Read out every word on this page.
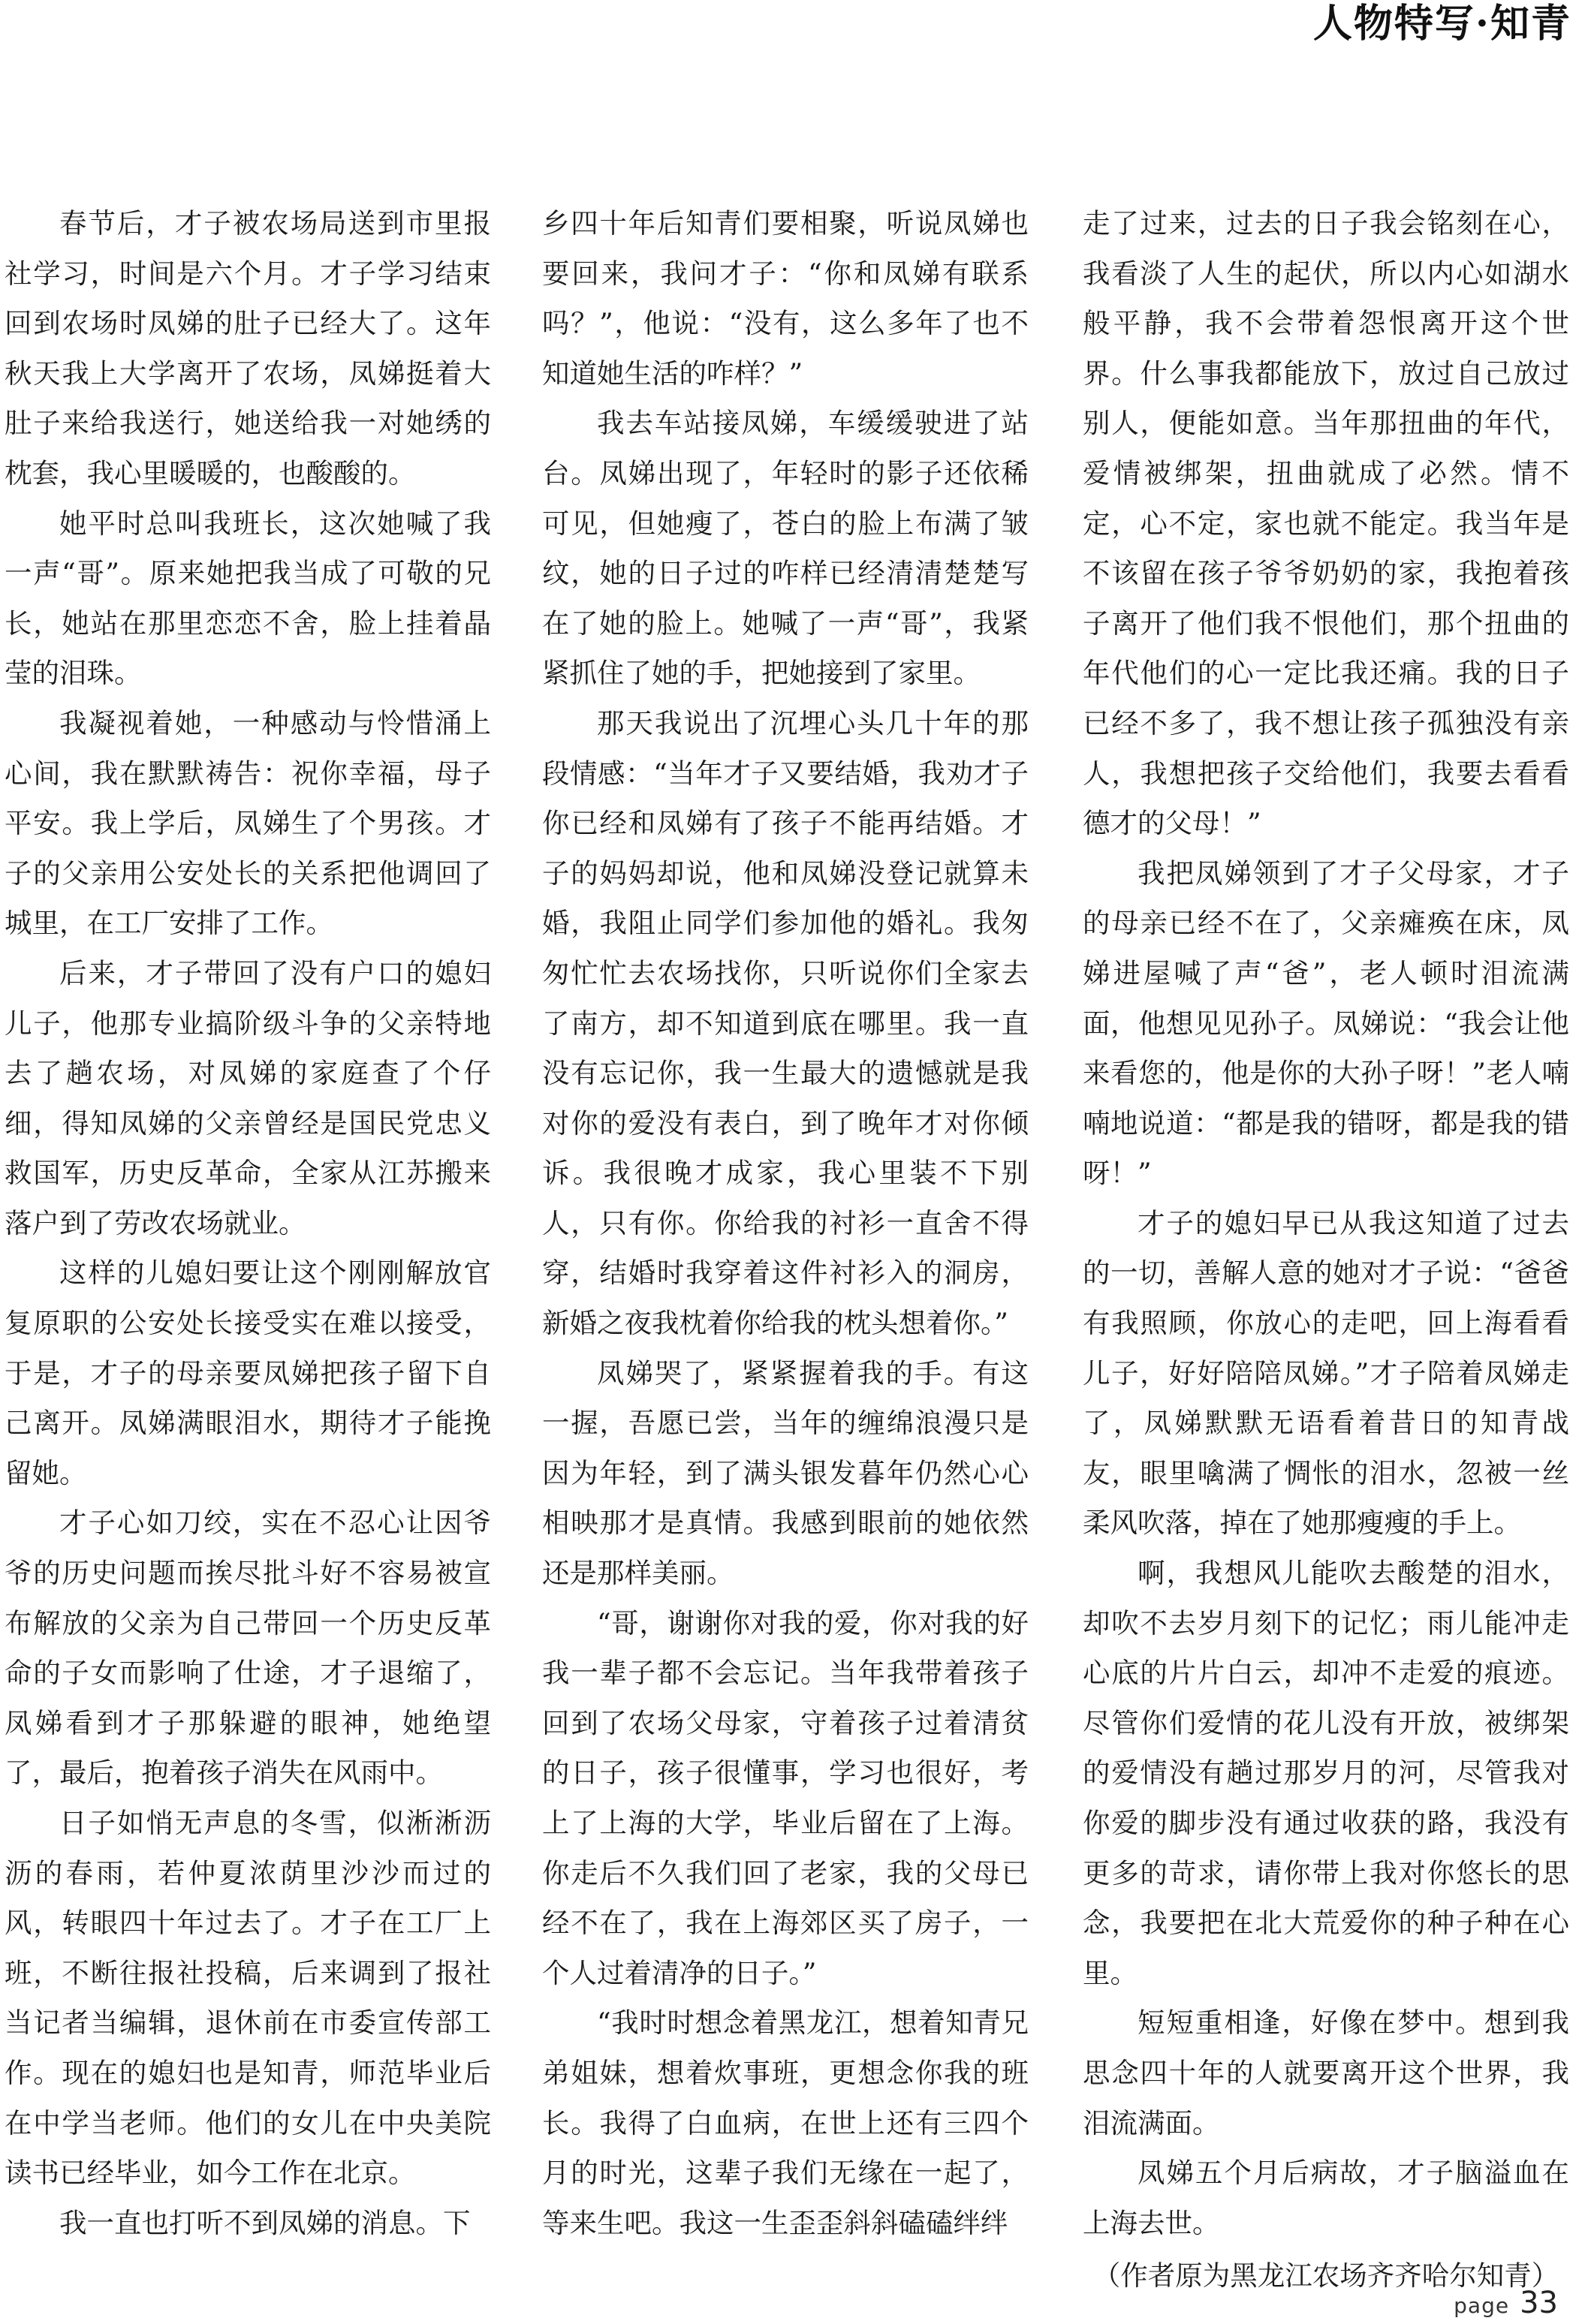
人物特写·知青

春节后，才子被农场局送到市里报社学习，时间是六个月。才子学习结束回到农场时凤娣的肚子已经大了。这年秋天我上大学离开了农场，凤娣挺着大肚子来给我送行，她送给我一对她绣的枕套，我心里暖暖的，也酸酸的。

她平时总叫我班长，这次她喊了我一声“哥”。原来她把我当成了可敬的兄长，她站在那里恋恋不舍，脸上挂着晶莹的泪珠。

我凝视着她，一种感动与怜惜涌上心间，我在默默祷告：祝你幸福，母子平安。我上学后，凤娣生了个男孩。才子的父亲用公安处长的关系把他调回了城里，在工厂安排了工作。

后来，才子带回了没有户口的媳妇儿子，他那专业搞阶级斗争的父亲特地去了趟农场，对凤娣的家庭查了个仔细，得知凤娣的父亲曾经是国民党忠义救国军，历史反革命，全家从江苏搬来落户到了劳改农场就业。

这样的儿媳妇要让这个刚刚解放官复原职的公安处长接受实在难以接受，于是，才子的母亲要凤娣把孩子留下自己离开。凤娣满眼泪水，期待才子能挽留她。

才子心如刀绞，实在不忍心让因爷爷的历史问题而挨尽批斗好不容易被宣布解放的父亲为自己带回一个历史反革命的子女而影响了仕途，才子退缩了，凤娣看到才子那躲避的眼神，她绝望了，最后，抱着孩子消失在风雨中。

日子如悄无声息的冬雪，似淅淅沥沥的春雨，若仲夏浓荫里沙沙而过的风，转眼四十年过去了。才子在工厂上班，不断往报社投稿，后来调到了报社当记者当编辑，退休前在市委宣传部工作。现在的媳妇也是知青，师范毕业后在中学当老师。他们的女儿在中央美院读书已经毕业，如今工作在北京。

我一直也打听不到凤娣的消息。下

乡四十年后知青们要相聚，听说凤娣也要回来，我问才子：“你和凤娣有联系吗？”，他说：“没有，这么多年了也不知道她生活的咋样？”

我去车站接凤娣，车缓缓驶进了站台。凤娣出现了，年轻时的影子还依稀可见，但她瘦了，苍白的脸上布满了皱纹，她的日子过的咋样已经清清楚楚写在了她的脸上。她喊了一声“哥”，我紧紧抓住了她的手，把她接到了家里。

那天我说出了沉埋心头几十年的那段情感：“当年才子又要结婚，我劝才子你已经和凤娣有了孩子不能再结婚。才子的妈妈却说，他和凤娣没登记就算未婚，我阻止同学们参加他的婚礼。我匆匆忙忙去农场找你，只听说你们全家去了南方，却不知道到底在哪里。我一直没有忘记你，我一生最大的遗憾就是我对你的爱没有表白，到了晚年才对你倾诉。我很晚才成家，我心里装不下别人，只有你。你给我的衬衫一直舍不得穿，结婚时我穿着这件衬衫入的洞房，新婚之夜我枕着你给我的枕头想着你。”

凤娣哭了，紧紧握着我的手。有这一握，吾愿已尝，当年的缠绵浪漫只是因为年轻，到了满头银发暮年仍然心心相映那才是真情。我感到眼前的她依然还是那样美丽。

“哥，谢谢你对我的爱，你对我的好我一辈子都不会忘记。当年我带着孩子回到了农场父母家，守着孩子过着清贫的日子，孩子很懂事，学习也很好，考上了上海的大学，毕业后留在了上海。你走后不久我们回了老家，我的父母已经不在了，我在上海郊区买了房子，一个人过着清净的日子。”

“我时时想念着黑龙江，想着知青兄弟姐妹，想着炊事班，更想念你我的班长。我得了白血病，在世上还有三四个月的时光，这辈子我们无缘在一起了，等来生吧。我这一生歪歪斜斜磕磕绊绊

走了过来，过去的日子我会铭刻在心，我看淡了人生的起伏，所以内心如湖水般平静，我不会带着怨恨离开这个世界。什么事我都能放下，放过自己放过别人，便能如意。当年那扭曲的年代，爱情被绑架，扭曲就成了必然。情不定，心不定，家也就不能定。我当年是不该留在孩子爷爷奶奶的家，我抱着孩子离开了他们我不恨他们，那个扭曲的年代他们的心一定比我还痛。我的日子已经不多了，我不想让孩子孤独没有亲人，我想把孩子交给他们，我要去看看德才的父母！”

我把凤娣领到了才子父母家，才子的母亲已经不在了，父亲瘫痪在床，凤娣进屋喊了声“爸”，老人顿时泪流满面，他想见见孙子。凤娣说：“我会让他来看您的，他是你的大孙子呀！”老人喃喃地说道：“都是我的错呀，都是我的错呀！”

才子的媳妇早已从我这知道了过去的一切，善解人意的她对才子说：“爸爸有我照顾，你放心的走吧，回上海看看儿子，好好陪陪凤娣。”才子陪着凤娣走了，凤娣默默无语看着昔日的知青战友，眼里噙满了惆怅的泪水，忽被一丝柔风吹落，掉在了她那瘦瘦的手上。

啊，我想风儿能吹去酸楚的泪水，却吹不去岁月刻下的记忆；雨儿能冲走心底的片片白云，却冲不走爱的痕迹。尽管你们爱情的花儿没有开放，被绑架的爱情没有趟过那岁月的河，尽管我对你爱的脚步没有通过收获的路，我没有更多的苛求，请你带上我对你悠长的思念，我要把在北大荒爱你的种子种在心里。

短短重相逢，好像在梦中。想到我思念四十年的人就要离开这个世界，我泪流满面。

凤娣五个月后病故，才子脑溢血在上海去世。

（作者原为黑龙江农场齐齐哈尔知青）

page 33
